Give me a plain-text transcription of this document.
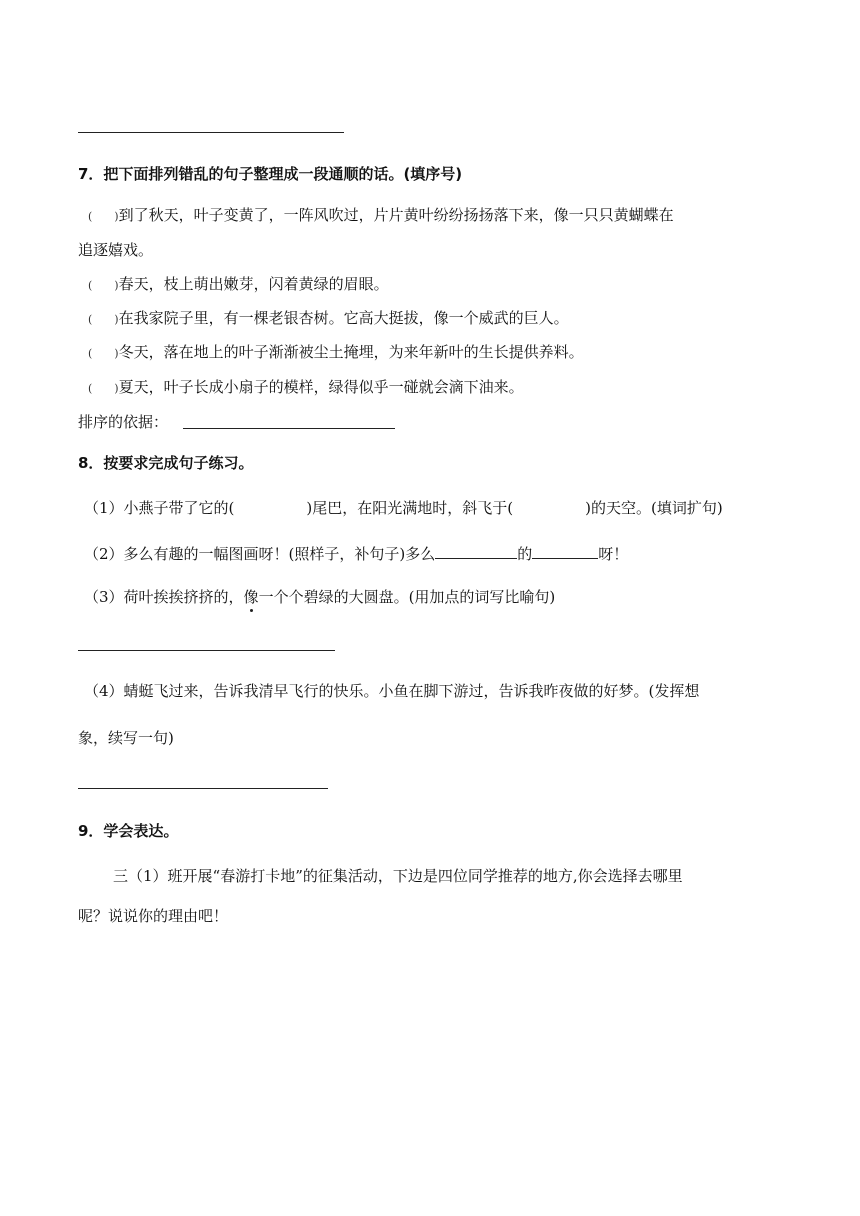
7．把下面排列错乱的句子整理成一段通顺的话。(填序号)
(　　)到了秋天，叶子变黄了，一阵风吹过，片片黄叶纷纷扬扬落下来，像一只只黄蝴蝶在
追逐嬉戏。
(　　)春天，枝上萌出嫩芽，闪着黄绿的眉眼。
(　　)在我家院子里，有一棵老银杏树。它高大挺拔，像一个威武的巨人。
(　　)冬天，落在地上的叶子渐渐被尘土掩埋，为来年新叶的生长提供养料。
(　　)夏天，叶子长成小扇子的模样，绿得似乎一碰就会滴下油来。
排序的依据：
8．按要求完成句子练习。
（1）小燕子带了它的(	)尾巴，在阳光满地时，斜飞于(	)的天空。(填词扩句)
（2）多么有趣的一幅图画呀！(照样子，补句子)多么	的	呀！
（3）荷叶挨挨挤挤的，像一个个碧绿的大圆盘。(用加点的词写比喻句)
（4）蜻蜓飞过来，告诉我清早飞行的快乐。小鱼在脚下游过，告诉我昨夜做的好梦。(发挥想
象，续写一句)
9．学会表达。
三（1）班开展“春游打卡地”的征集活动，下边是四位同学推荐的地方,你会选择去哪里
呢？说说你的理由吧！
